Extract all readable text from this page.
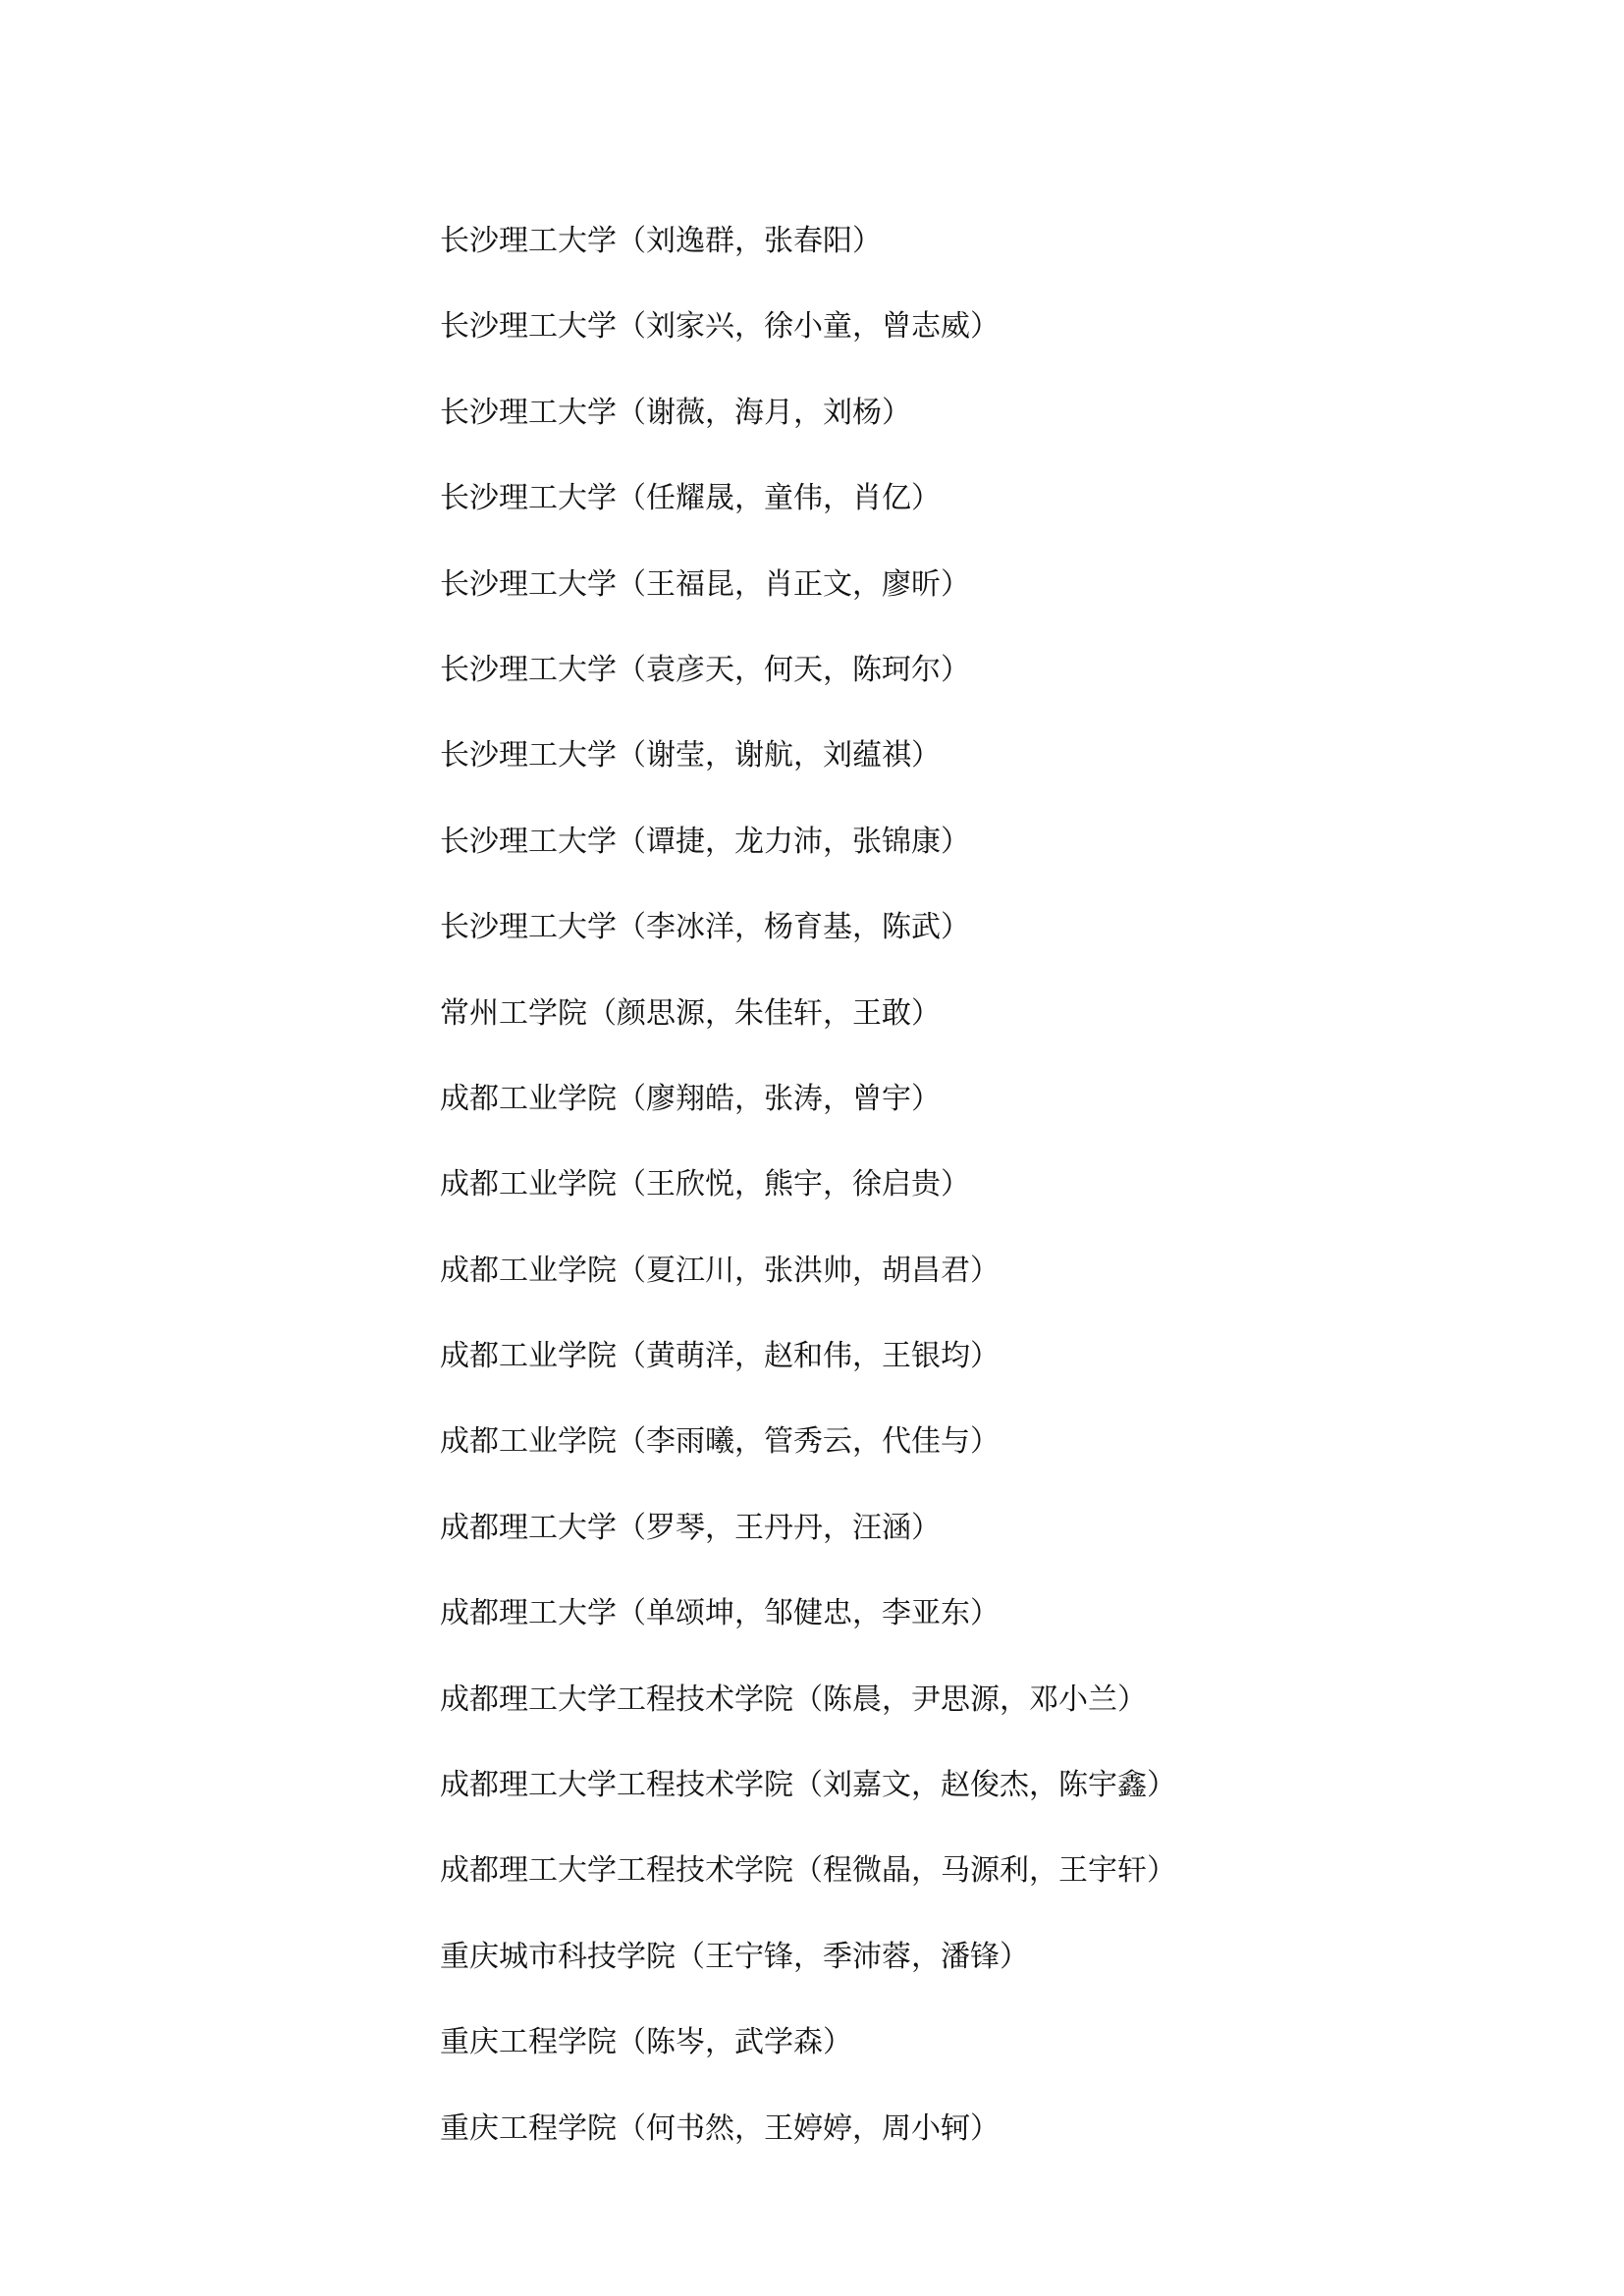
长沙理工大学（刘逸群，张春阳）
长沙理工大学（刘家兴，徐小童，曾志威）
长沙理工大学（谢薇，海月，刘杨）
长沙理工大学（任耀晟，童伟，肖亿）
长沙理工大学（王福昆，肖正文，廖昕）
长沙理工大学（袁彦天，何天，陈珂尔）
长沙理工大学（谢莹，谢航，刘蕴祺）
长沙理工大学（谭捷，龙力沛，张锦康）
长沙理工大学（李冰洋，杨育基，陈武）
常州工学院（颜思源，朱佳轩，王敢）
成都工业学院（廖翔皓，张涛，曾宇）
成都工业学院（王欣悦，熊宇，徐启贵）
成都工业学院（夏江川，张洪帅，胡昌君）
成都工业学院（黄萌洋，赵和伟，王银均）
成都工业学院（李雨曦，管秀云，代佳与）
成都理工大学（罗琴，王丹丹，汪涵）
成都理工大学（单颂坤，邹健忠，李亚东）
成都理工大学工程技术学院（陈晨，尹思源，邓小兰）
成都理工大学工程技术学院（刘嘉文，赵俊杰，陈宇鑫）
成都理工大学工程技术学院（程微晶，马源利，王宇轩）
重庆城市科技学院（王宁锋，季沛蓉，潘锋）
重庆工程学院（陈岑，武学森）
重庆工程学院（何书然，王婷婷，周小轲）
